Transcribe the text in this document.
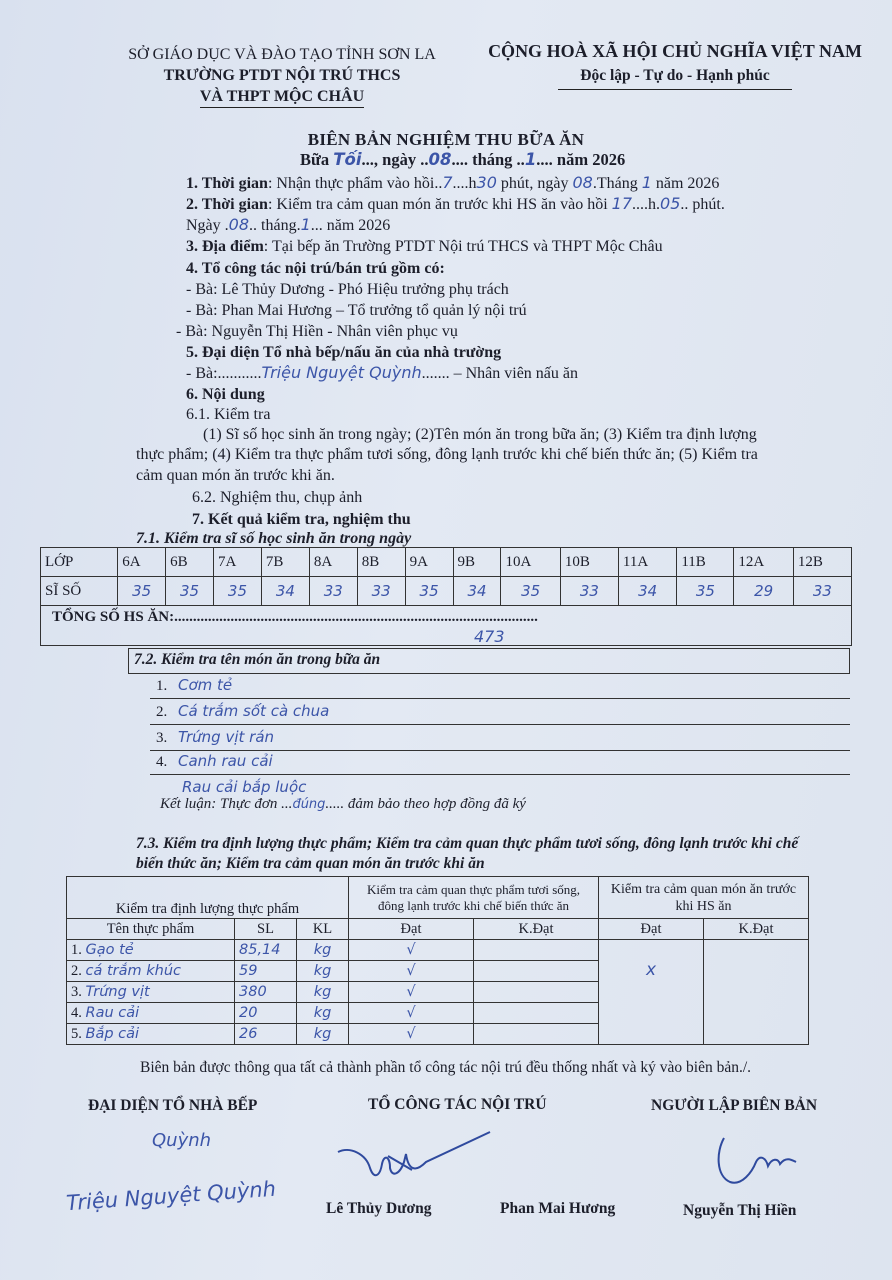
SỞ GIÁO DỤC VÀ ĐÀO TẠO TỈNH SƠN LA
TRƯỜNG PTDT NỘI TRÚ THCS
VÀ THPT MỘC CHÂU
CỘNG HOÀ XÃ HỘI CHỦ NGHĨA VIỆT NAM
Độc lập - Tự do - Hạnh phúc
BIÊN BẢN NGHIỆM THU BỮA ĂN
Bữa Tối..., ngày ..08.... tháng ..1.... năm 2026
1. Thời gian: Nhận thực phẩm vào hồi..7....h30 phút, ngày 08.Tháng 1 năm 2026
2. Thời gian: Kiểm tra cảm quan món ăn trước khi HS ăn vào hồi 17....h.05.. phút.
Ngày .08.. tháng.1... năm 2026
3. Địa điểm: Tại bếp ăn Trường PTDT Nội trú THCS và THPT Mộc Châu
4. Tổ công tác nội trú/bán trú gồm có:
- Bà: Lê Thủy Dương - Phó Hiệu trưởng phụ trách
- Bà: Phan Mai Hương – Tổ trưởng tổ quản lý nội trú
- Bà: Nguyễn Thị Hiền - Nhân viên phục vụ
5. Đại diện Tổ nhà bếp/nấu ăn của nhà trường
- Bà:...........Triệu Nguyệt Quỳnh....... – Nhân viên nấu ăn
6. Nội dung
6.1. Kiểm tra
(1) Sĩ số học sinh ăn trong ngày; (2)Tên món ăn trong bữa ăn; (3) Kiểm tra định lượng
thực phẩm; (4) Kiểm tra thực phẩm tươi sống, đông lạnh trước khi chế biến thức ăn; (5) Kiểm tra
cảm quan món ăn trước khi ăn.
6.2. Nghiệm thu, chụp ảnh
7. Kết quả kiểm tra, nghiệm thu
7.1. Kiểm tra sĩ số học sinh ăn trong ngày
LỚP	6A	6B	7A	7B	8A	8B	9A	9B	10A	10B	11A	11B	12A	12B
SĨ SỐ	35	35	35	34	33	33	35	34	35	33	34	35	29	33
TỔNG SỐ HS ĂN:.................................................................................................
473
7.2. Kiểm tra tên món ăn trong bữa ăn
1. Cơm tẻ
2. Cá trắm sốt cà chua
3. Trứng vịt rán
4. Canh rau cải
Rau cải bắp luộc
Kết luận: Thực đơn ...đúng..... đảm bảo theo hợp đồng đã ký
7.3. Kiểm tra định lượng thực phẩm; Kiểm tra cảm quan thực phẩm tươi sống, đông lạnh trước khi chế
biến thức ăn; Kiểm tra cảm quan món ăn trước khi ăn
Kiểm tra định lượng thực phẩm			Kiểm tra cảm quan thực phẩm tươi sống, đông lạnh trước khi chế biến thức ăn		Kiểm tra cảm quan món ăn trước khi HS ăn	
Tên thực phẩm	SL	KL	Đạt	K.Đạt	Đạt	K.Đạt
1. Gạo tẻ	85,14	kg	√		x	
2. cá trắm khúc	59	kg	√			
3. Trứng vịt	380	kg	√			
4. Rau cải	20	kg	√			
5. Bắp cải	26	kg	√			
Biên bản được thông qua tất cả thành phần tổ công tác nội trú đều thống nhất và ký vào biên bản./.
ĐẠI DIỆN TỔ NHÀ BẾP	TỔ CÔNG TÁC NỘI TRÚ	NGƯỜI LẬP BIÊN BẢN
Quỳnh
Triệu Nguyệt Quỳnh	Lê Thủy Dương	Phan Mai Hương	Nguyễn Thị Hiền
